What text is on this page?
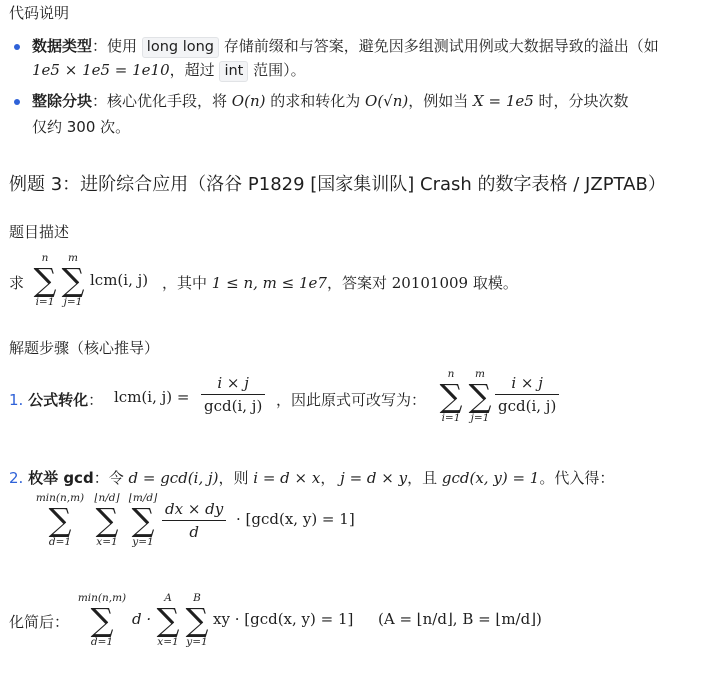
代码说明
数据类型：使用 long long 存储前缀和与答案，避免因多组测试用例或大数据导致的溢出（如
1e5 × 1e5 = 1e10，超过 int 范围）。
整除分块：核心优化手段，将 O(n) 的求和转化为 O(√n)，例如当 X = 1e5 时，分块次数
仅约 300 次。
例题 3：进阶综合应用（洛谷 P1829 [国家集训队] Crash 的数字表格 / JZPTAB）
题目描述
求
n
∑
i=1
m
∑
j=1
lcm(i, j) ，其中 1 ≤ n, m ≤ 1e7，答案对 20101009 取模。
解题步骤（核心推导）
1. 公式转化： lcm(i, j) =
i × j
gcd(i, j) ，因此原式可改写为：
n
∑
i=1
m
∑
j=1
i × j
gcd(i, j)
2. 枚举 gcd：令 d = gcd(i, j)，则 i = d × x， j = d × y，且 gcd(x, y) = 1。代入得：
min(n,m)
∑
d=1
⌊n/d⌋
∑
x=1
⌊m/d⌋
∑
y=1
$\frac{dx \times dy}{d} \cdot [\gcd(x$, y) = 1]
化简后：
min(n,m)
∑
d=1
d ·
A
∑
x=1
B
∑
y=1
xy · [gcd(x, y) = 1] (A = ⌊n/d⌋, B = ⌊m/d⌋)
